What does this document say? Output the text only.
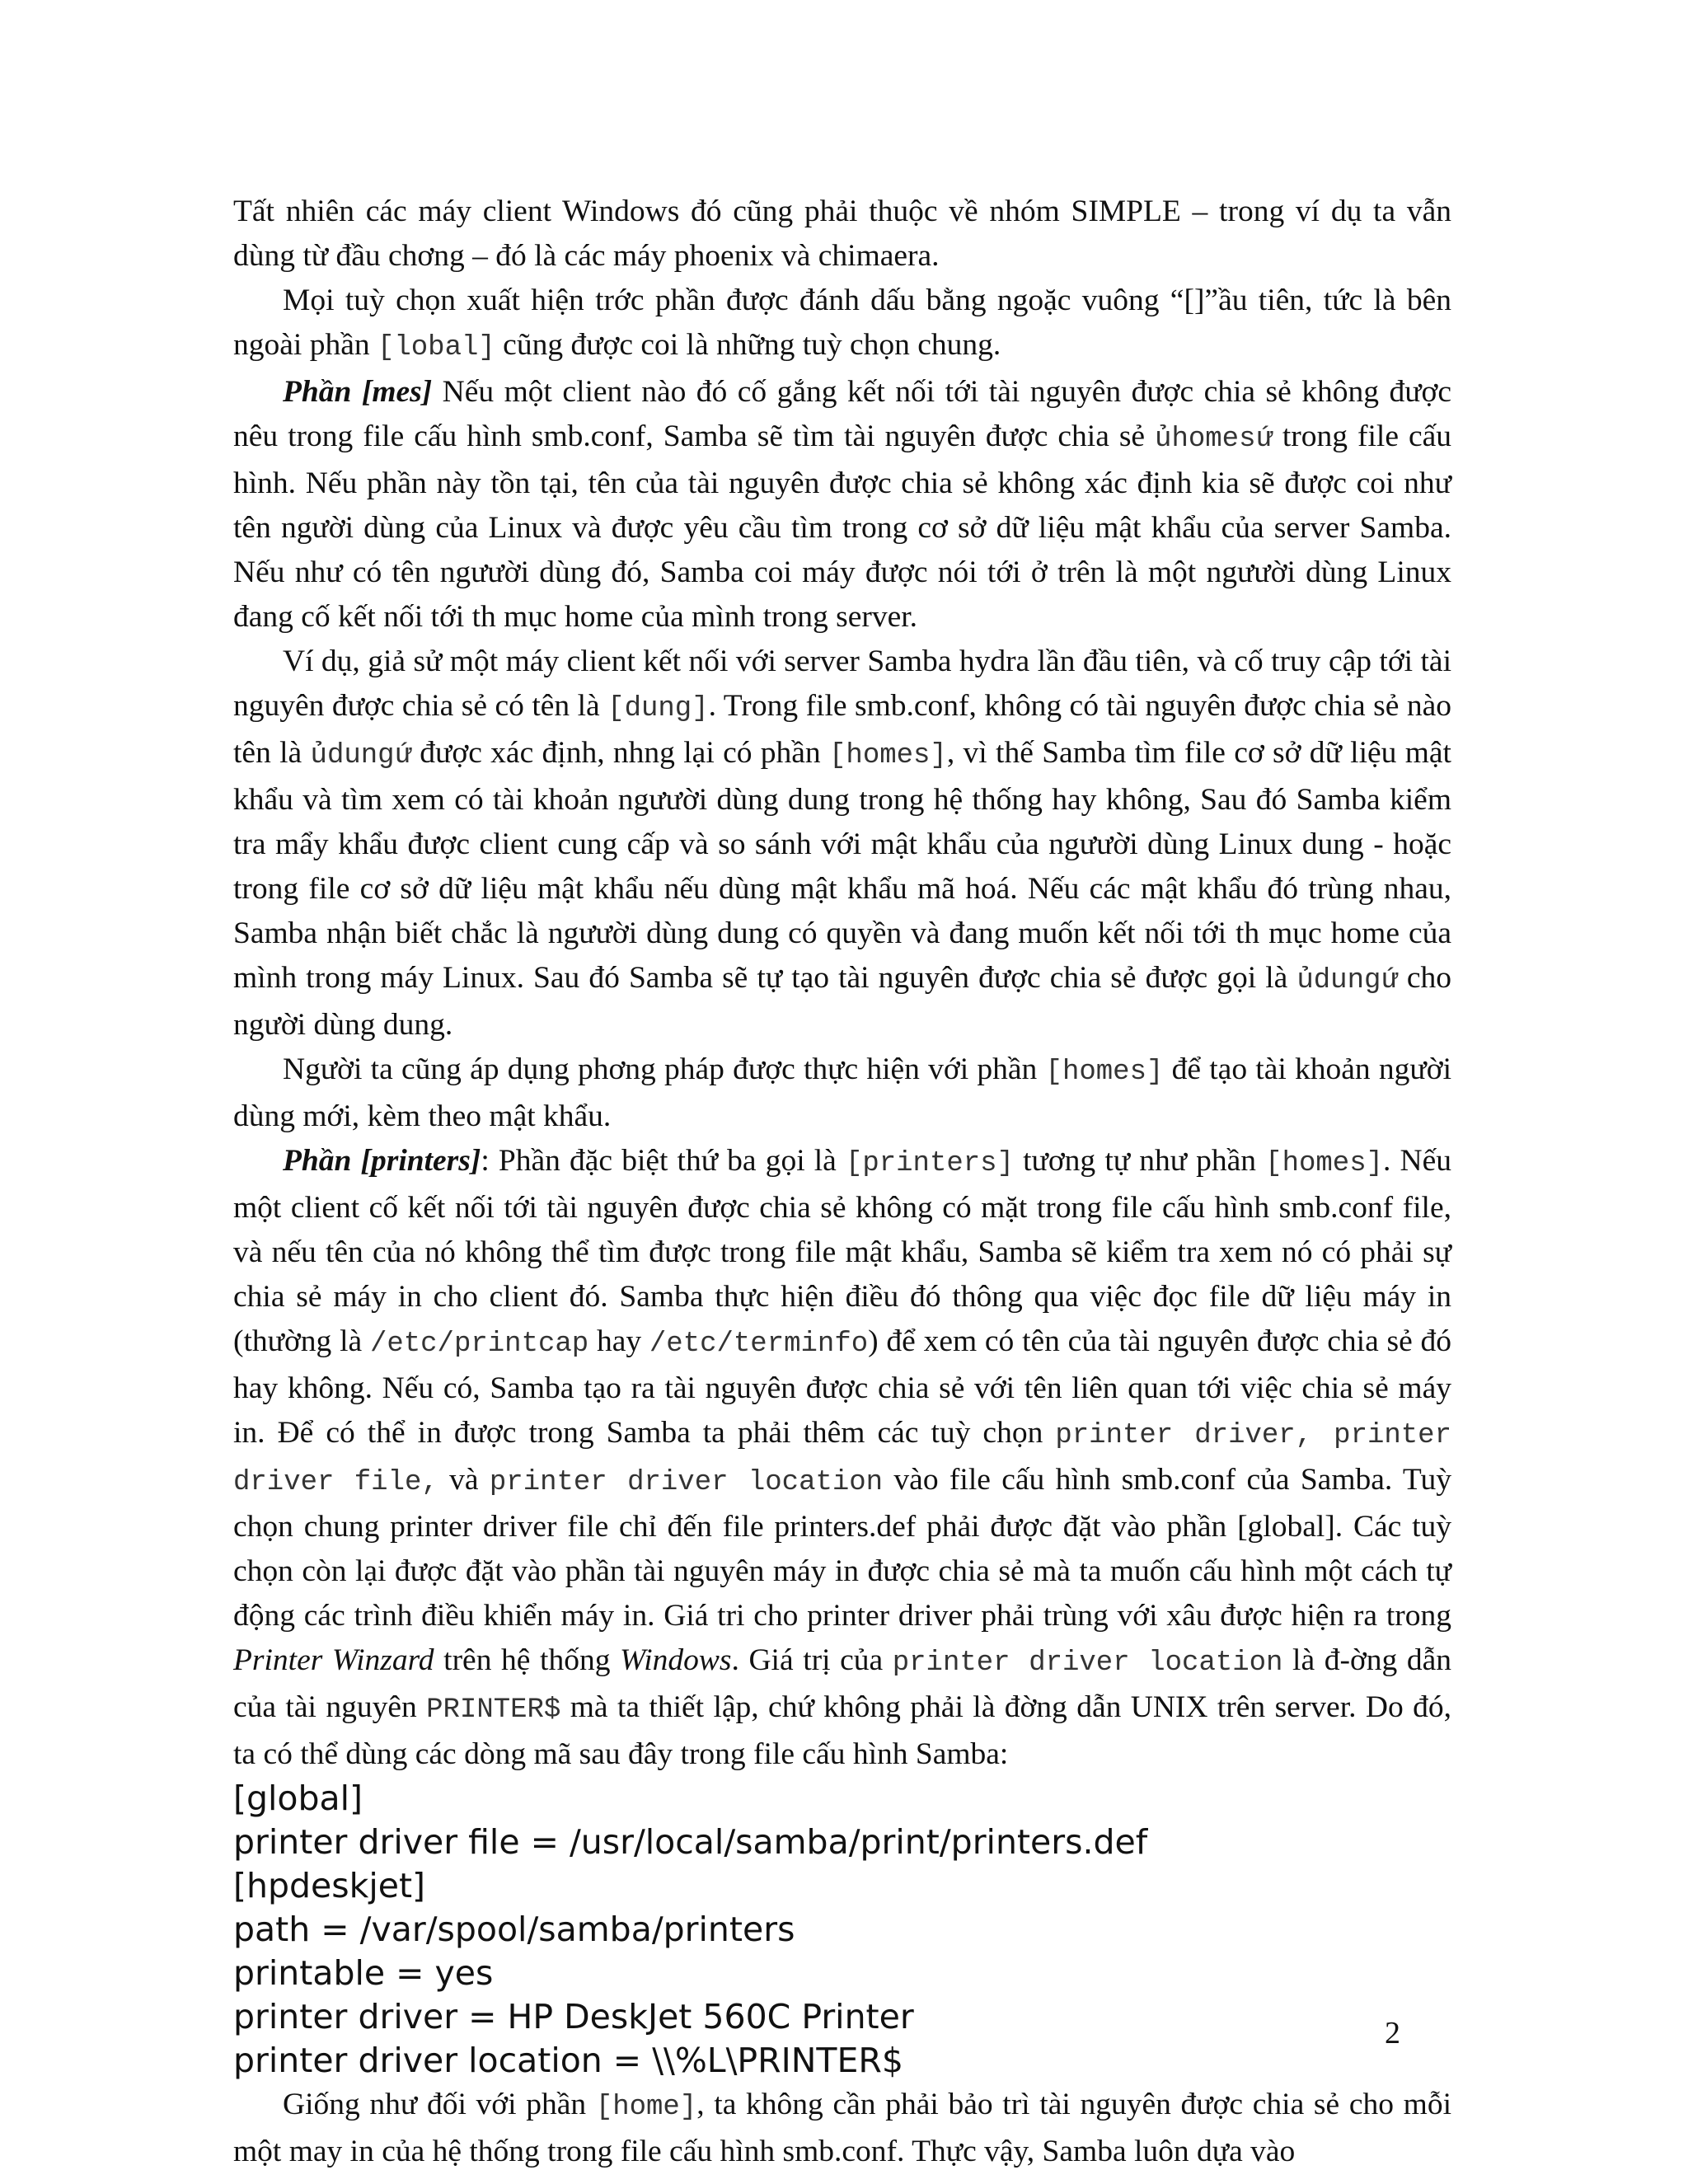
Tất nhiên các máy client Windows đó cũng phải thuộc về nhóm SIMPLE – trong ví dụ ta vẫn dùng từ đầu chơng – đó là các máy phoenix và chimaera.

Mọi tuỳ chọn xuất hiện trớc phần được đánh dấu bằng ngoặc vuông “[]”ầu tiên, tức là bên ngoài phần [lobal] cũng được coi là những tuỳ chọn chung.

Phần [mes] Nếu một client nào đó cố gắng kết nối tới tài nguyên được chia sẻ không được nêu trong file cấu hình smb.conf, Samba sẽ tìm tài nguyên được chia sẻ ủhomesứ trong file cấu hình. Nếu phần này tồn tại, tên của tài nguyên được chia sẻ không xác định kia sẽ được coi như tên người dùng của Linux và được yêu cầu tìm trong cơ sở dữ liệu mật khẩu của server Samba. Nếu như có tên ngưười dùng đó, Samba coi máy được nói tới ở trên là một ngưười dùng Linux đang cố kết nối tới th mục home của mình trong server.

Ví dụ, giả sử một máy client kết nối với server Samba hydra lần đầu tiên, và cố truy cập tới tài nguyên được chia sẻ có tên là [dung]. Trong file smb.conf, không có tài nguyên được chia sẻ nào tên là ủdungứ được xác định, nhng lại có phần [homes], vì thế Samba tìm file cơ sở dữ liệu mật khẩu và tìm xem có tài khoản ngưười dùng dung trong hệ thống hay không, Sau đó Samba kiểm tra mẩy khẩu được client cung cấp và so sánh với mật khẩu của ngưười dùng Linux dung - hoặc trong file cơ sở dữ liệu mật khẩu nếu dùng mật khẩu mã hoá. Nếu các mật khẩu đó trùng nhau, Samba nhận biết chắc là ngưười dùng dung có quyền và đang muốn kết nối tới th mục home của mình trong máy Linux. Sau đó Samba sẽ tự tạo tài nguyên được chia sẻ được gọi là ủdungứ cho người dùng dung.

Người ta cũng áp dụng phơng pháp được thực hiện với phần [homes] để tạo tài khoản người dùng mới, kèm theo mật khẩu.

Phần [printers]: Phần đặc biệt thứ ba gọi là [printers] tương tự như phần [homes]. Nếu một client cố kết nối tới tài nguyên được chia sẻ không có mặt trong file cấu hình smb.conf file, và nếu tên của nó không thể tìm được trong file mật khẩu, Samba sẽ kiểm tra xem nó có phải sự chia sẻ máy in cho client đó. Samba thực hiện điều đó thông qua việc đọc file dữ liệu máy in (thường là /etc/printcap hay /etc/terminfo) để xem có tên của tài nguyên được chia sẻ đó hay không. Nếu có, Samba tạo ra tài nguyên được chia sẻ với tên liên quan tới việc chia sẻ máy in. Để có thể in được trong Samba ta phải thêm các tuỳ chọn printer driver, printer driver file, và printer driver location vào file cấu hình smb.conf của Samba. Tuỳ chọn chung printer driver file chỉ đến file printers.def phải được đặt vào phần [global]. Các tuỳ chọn còn lại được đặt vào phần tài nguyên máy in được chia sẻ mà ta muốn cấu hình một cách tự động các trình điều khiển máy in. Giá tri cho printer driver phải trùng với xâu được hiện ra trong Printer Winzard trên hệ thống Windows. Giá trị của printer driver location là đ-ờng dẫn của tài nguyên PRINTER$ mà ta thiết lập, chứ không phải là đờng dẫn UNIX trên server. Do đó, ta có thể dùng các dòng mã sau đây trong file cấu hình Samba:

[global]
printer driver file = /usr/local/samba/print/printers.def
[hpdeskjet]
path = /var/spool/samba/printers
printable = yes
printer driver = HP DeskJet 560C Printer
printer driver location = \\%L\PRINTER$

Giống như đối với phần [home], ta không cần phải bảo trì tài nguyên được chia sẻ cho mỗi một may in của hệ thống trong file cấu hình smb.conf. Thực vậy, Samba luôn dựa vào

2
